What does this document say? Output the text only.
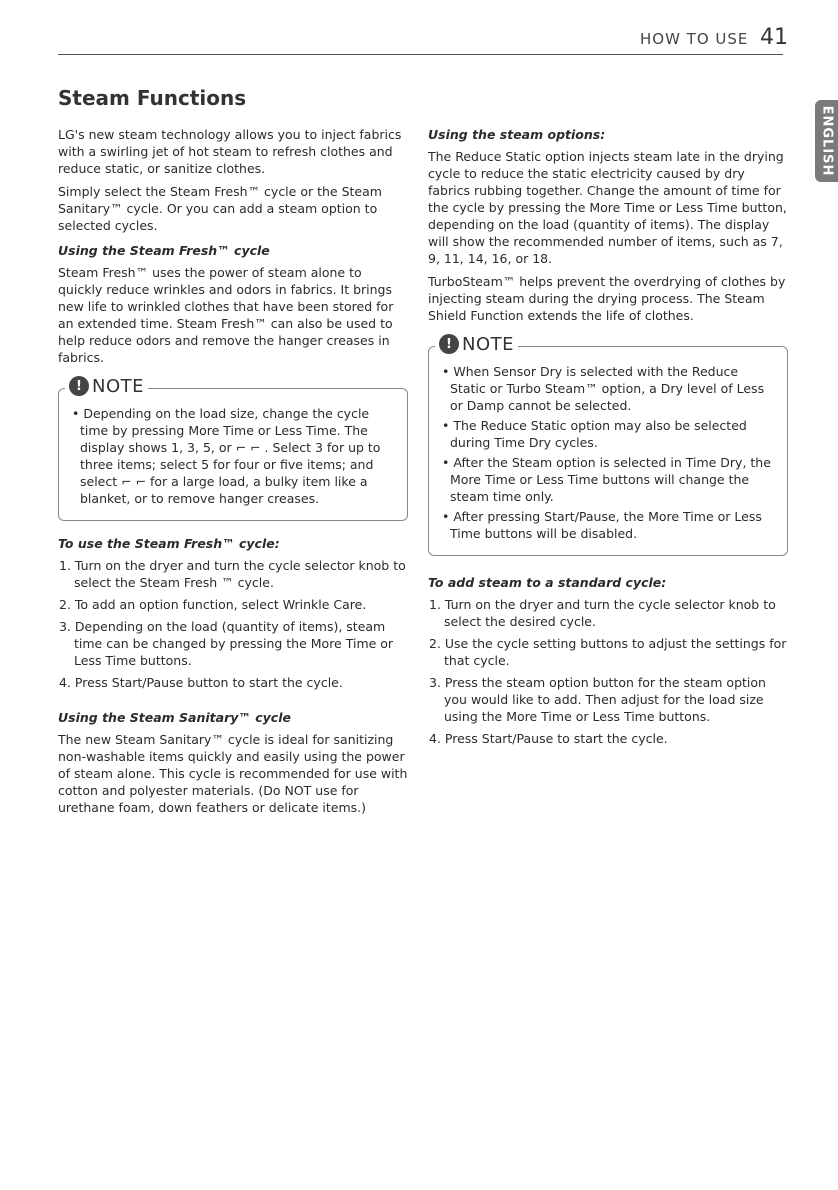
HOW TO USE 41
ENGLISH
Steam Functions

LG's new steam technology allows you to inject fabrics with a swirling jet of hot steam to refresh clothes and reduce static, or sanitize clothes.

Simply select the Steam Fresh™ cycle or the Steam Sanitary™ cycle. Or you can add a steam option to selected cycles.

Using the Steam Fresh™ cycle

Steam Fresh™ uses the power of steam alone to quickly reduce wrinkles and odors in fabrics. It brings new life to wrinkled clothes that have been stored for an extended time. Steam Fresh™ can also be used to help reduce odors and remove the hanger creases in fabrics.

! NOTE
• Depending on the load size, change the cycle time by pressing More Time or Less Time. The display shows 1, 3, 5, or ⌐ ⌐ . Select 3 for up to three items; select 5 for four or five items; and select ⌐ ⌐ for a large load, a bulky item like a blanket, or to remove hanger creases.
To use the Steam Fresh™ cycle:
1. Turn on the dryer and turn the cycle selector knob to select the Steam Fresh ™ cycle.
2. To add an option function, select Wrinkle Care.
3. Depending on the load (quantity of items), steam time can be changed by pressing the More Time or Less Time buttons.
4. Press Start/Pause button to start the cycle.
Using the Steam Sanitary™ cycle

The new Steam Sanitary™ cycle is ideal for sanitizing non-washable items quickly and easily using the power of steam alone. This cycle is recommended for use with cotton and polyester materials. (Do NOT use for urethane foam, down feathers or delicate items.)

Using the steam options:

The Reduce Static option injects steam late in the drying cycle to reduce the static electricity caused by dry fabrics rubbing together. Change the amount of time for the cycle by pressing the More Time or Less Time button, depending on the load (quantity of items). The display will show the recommended number of items, such as 7, 9, 11, 14, 16, or 18.

TurboSteam™ helps prevent the overdrying of clothes by injecting steam during the drying process. The Steam Shield Function extends the life of clothes.

! NOTE
• When Sensor Dry is selected with the Reduce Static or Turbo Steam™ option, a Dry level of Less or Damp cannot be selected.
• The Reduce Static option may also be selected during Time Dry cycles.
• After the Steam option is selected in Time Dry, the More Time or Less Time buttons will change the steam time only.
• After pressing Start/Pause, the More Time or Less Time buttons will be disabled.
To add steam to a standard cycle:
1. Turn on the dryer and turn the cycle selector knob to select the desired cycle.
2. Use the cycle setting buttons to adjust the settings for that cycle.
3. Press the steam option button for the steam option you would like to add. Then adjust for the load size using the More Time or Less Time buttons.
4. Press Start/Pause to start the cycle.
